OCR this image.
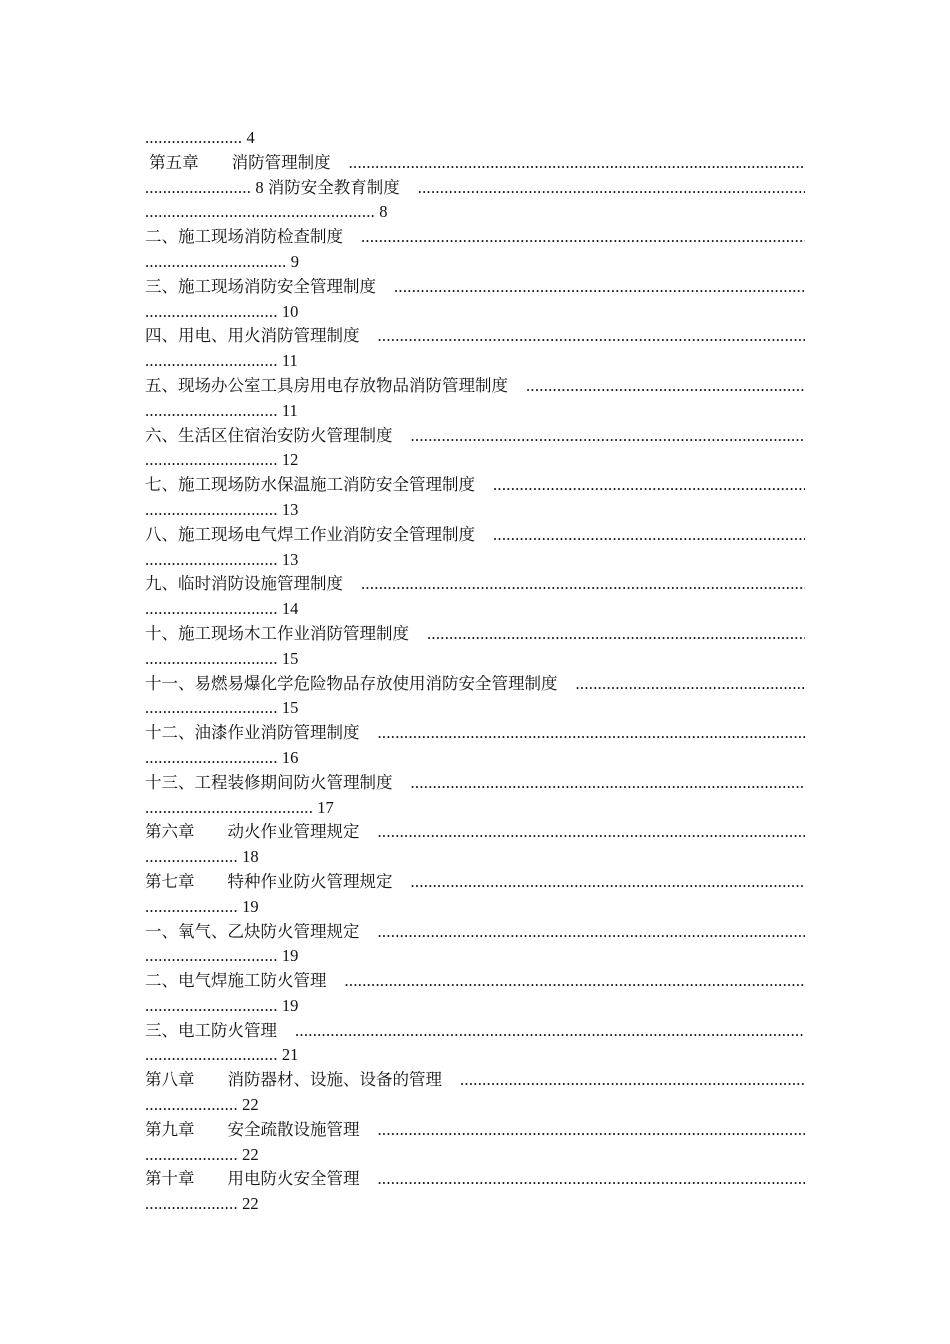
...................... 4
第五章　　消防管理制度
.....
........................ 8 消防安全教育制度
.....
.................................................... 8
二、施工现场消防检查制度
.....
................................ 9
三、施工现场消防安全管理制度
.....
.............................. 10
四、用电、用火消防管理制度
.....
.............................. 11
五、现场办公室工具房用电存放物品消防管理制度
.....
.............................. 11
六、生活区住宿治安防火管理制度
.....
.............................. 12
七、施工现场防水保温施工消防安全管理制度
.....
.............................. 13
八、施工现场电气焊工作业消防安全管理制度
.....
.............................. 13
九、临时消防设施管理制度
.....
.............................. 14
十、施工现场木工作业消防管理制度
.....
.............................. 15
十一、易燃易爆化学危险物品存放使用消防安全管理制度
.....
.............................. 15
十二、油漆作业消防管理制度
.....
.............................. 16
十三、工程装修期间防火管理制度
.....
...................................... 17
第六章　　动火作业管理规定
.....
..................... 18
第七章　　特种作业防火管理规定
.....
..................... 19
一、氧气、乙炔防火管理规定
.....
.............................. 19
二、电气焊施工防火管理
.....
.............................. 19
三、电工防火管理
.....
.............................. 21
第八章　　消防器材、设施、设备的管理
.....
..................... 22
第九章　　安全疏散设施管理
.....
..................... 22
第十章　　用电防火安全管理
.....
..................... 22
